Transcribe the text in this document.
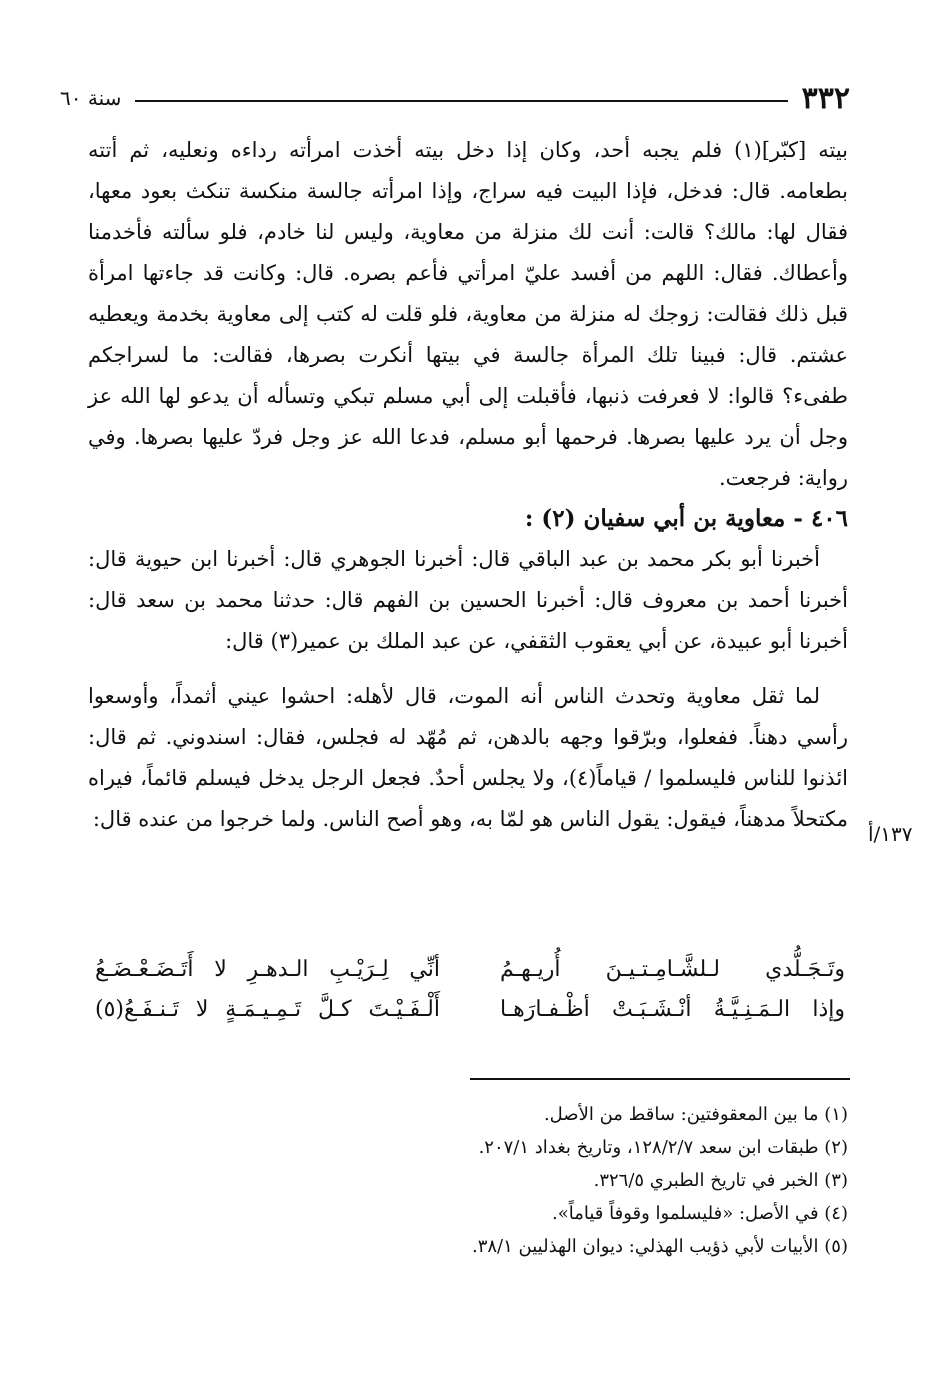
٣٣٢
سنة ٦٠

بيته [كبّر](١) فلم يجبه أحد، وكان إذا دخل بيته أخذت امرأته رداءه ونعليه، ثم أتته بطعامه. قال: فدخل، فإذا البيت فيه سراج، وإذا امرأته جالسة منكسة تنكث بعود معها، فقال لها: مالك؟ قالت: أنت لك منزلة من معاوية، وليس لنا خادم، فلو سألته فأخدمنا وأعطاك. فقال: اللهم من أفسد عليّ امرأتي فأعم بصره. قال: وكانت قد جاءتها امرأة قبل ذلك فقالت: زوجك له منزلة من معاوية، فلو قلت له كتب إلى معاوية بخدمة ويعطيه عشتم. قال: فبينا تلك المرأة جالسة في بيتها أنكرت بصرها، فقالت: ما لسراجكم طفىء؟ قالوا: لا فعرفت ذنبها، فأقبلت إلى أبي مسلم تبكي وتسأله أن يدعو لها الله عز وجل أن يرد عليها بصرها. فرحمها أبو مسلم، فدعا الله عز وجل فردّ عليها بصرها. وفي رواية: فرجعت.

٤٠٦ - معاوية بن أبي سفيان (٢) :

أخبرنا أبو بكر محمد بن عبد الباقي قال: أخبرنا الجوهري قال: أخبرنا ابن حيوية قال: أخبرنا أحمد بن معروف قال: أخبرنا الحسين بن الفهم قال: حدثنا محمد بن سعد قال: أخبرنا أبو عبيدة، عن أبي يعقوب الثقفي، عن عبد الملك بن عمير(٣) قال:

لما ثقل معاوية وتحدث الناس أنه الموت، قال لأهله: احشوا عيني أثمداً، وأوسعوا رأسي دهناً. ففعلوا، وبرّقوا وجهه بالدهن، ثم مُهّد له فجلس، فقال: اسندوني. ثم قال: ائذنوا للناس فليسلموا / قياماً(٤)، ولا يجلس أحدٌ. فجعل الرجل يدخل فيسلم قائماً، فيراه مكتحلاً مدهناً، فيقول: يقول الناس هو لمّا به، وهو أصح الناس. ولما خرجوا من عنده قال:

١٣٧/أ
وتَـجَـلُّدي لـلشَّـامِـتـيـنَ أُريـهـمُ
أنِّي لِـرَيْـبِ الـدهـرِ لا أَتَـضَـعْـضَـعُ
وإذا الـمَـنِـيَّـةُ أنْـشَـبَـتْ أظْـفـارَهـا
أَلْـفَـيْـتَ كـلَّ تَـمِـيـمَـةٍ لا تَـنـفَـعُ(٥)

(١) ما بين المعقوفتين: ساقط من الأصل.

(٢) طبقات ابن سعد ١٢٨/٢/٧، وتاريخ بغداد ٢٠٧/١.

(٣) الخبر في تاريخ الطبري ٣٢٦/٥.

(٤) في الأصل: «فليسلموا وقوفاً قياماً».

(٥) الأبيات لأبي ذؤيب الهذلي: ديوان الهذليين ٣٨/١.
